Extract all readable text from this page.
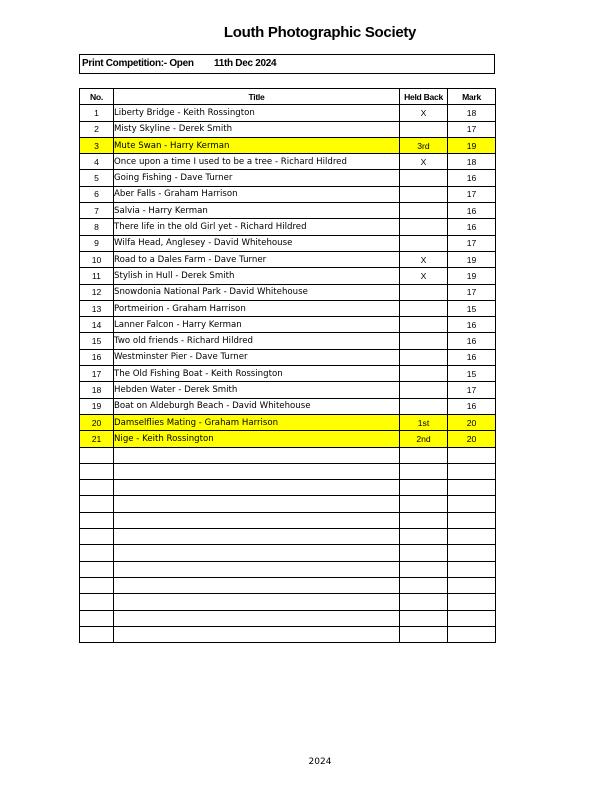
Louth Photographic Society
Print Competition:- Open 11th Dec 2024
No.	Title	Held Back	Mark
1	Liberty Bridge - Keith Rossington	X	18
2	Misty Skyline - Derek Smith		17
3	Mute Swan - Harry Kerman	3rd	19
4	Once upon a time I used to be a tree - Richard Hildred	X	18
5	Going Fishing - Dave Turner		16
6	Aber Falls - Graham Harrison		17
7	Salvia - Harry Kerman		16
8	There life in the old Girl yet - Richard Hildred		16
9	Wilfa Head, Anglesey - David Whitehouse		17
10	Road to a Dales Farm - Dave Turner	X	19
11	Stylish in Hull - Derek Smith	X	19
12	Snowdonia National Park - David Whitehouse		17
13	Portmeirion - Graham Harrison		15
14	Lanner Falcon - Harry Kerman		16
15	Two old friends - Richard Hildred		16
16	Westminster Pier - Dave Turner		16
17	The Old Fishing Boat - Keith Rossington		15
18	Hebden Water - Derek Smith		17
19	Boat on Aldeburgh Beach - David Whitehouse		16
20	Damselflies Mating - Graham Harrison	1st	20
21	Nige - Keith Rossington	2nd	20

2024
